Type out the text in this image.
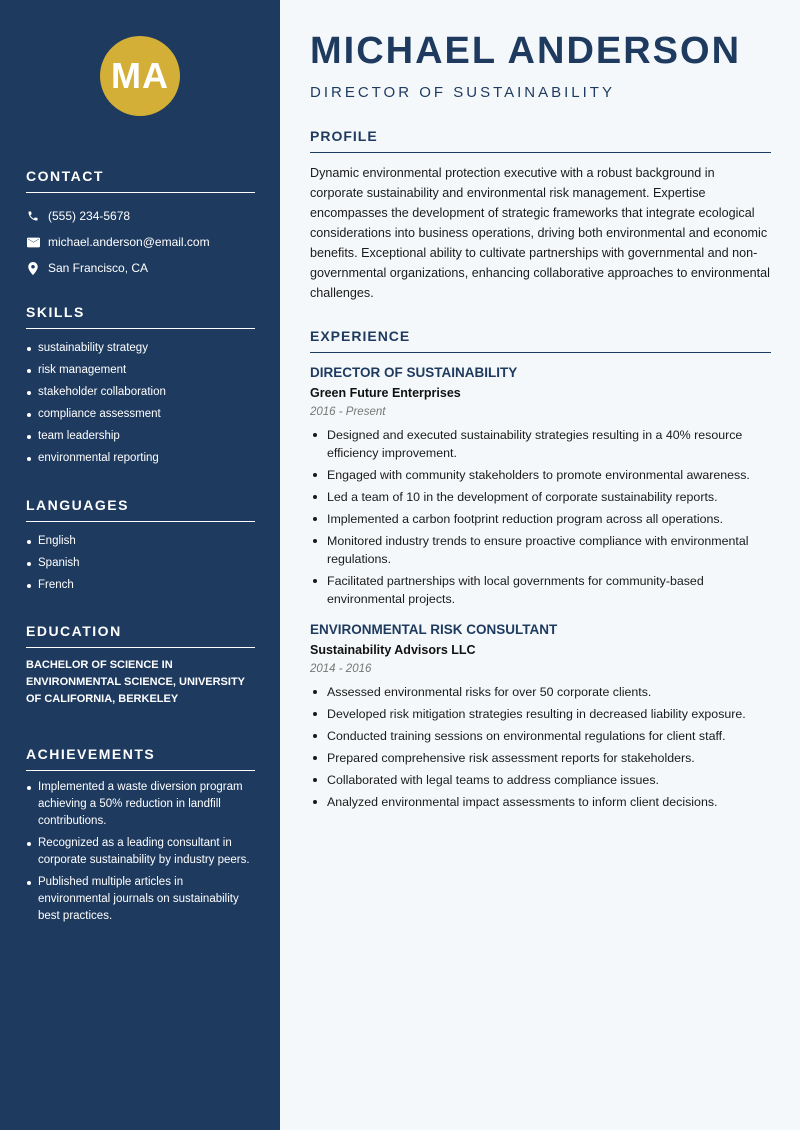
MA
CONTACT
(555) 234-5678
michael.anderson@email.com
San Francisco, CA
SKILLS
sustainability strategy
risk management
stakeholder collaboration
compliance assessment
team leadership
environmental reporting
LANGUAGES
English
Spanish
French
EDUCATION
BACHELOR OF SCIENCE IN ENVIRONMENTAL SCIENCE, UNIVERSITY OF CALIFORNIA, BERKELEY
ACHIEVEMENTS
Implemented a waste diversion program achieving a 50% reduction in landfill contributions.
Recognized as a leading consultant in corporate sustainability by industry peers.
Published multiple articles in environmental journals on sustainability best practices.
MICHAEL ANDERSON
DIRECTOR OF SUSTAINABILITY
PROFILE

Dynamic environmental protection executive with a robust background in corporate sustainability and environmental risk management. Expertise encompasses the development of strategic frameworks that integrate ecological considerations into business operations, driving both environmental and economic benefits. Exceptional ability to cultivate partnerships with governmental and non-governmental organizations, enhancing collaborative approaches to environmental challenges.

EXPERIENCE
DIRECTOR OF SUSTAINABILITY
Green Future Enterprises
2016 - Present
Designed and executed sustainability strategies resulting in a 40% resource efficiency improvement.
Engaged with community stakeholders to promote environmental awareness.
Led a team of 10 in the development of corporate sustainability reports.
Implemented a carbon footprint reduction program across all operations.
Monitored industry trends to ensure proactive compliance with environmental regulations.
Facilitated partnerships with local governments for community-based environmental projects.
ENVIRONMENTAL RISK CONSULTANT
Sustainability Advisors LLC
2014 - 2016
Assessed environmental risks for over 50 corporate clients.
Developed risk mitigation strategies resulting in decreased liability exposure.
Conducted training sessions on environmental regulations for client staff.
Prepared comprehensive risk assessment reports for stakeholders.
Collaborated with legal teams to address compliance issues.
Analyzed environmental impact assessments to inform client decisions.
